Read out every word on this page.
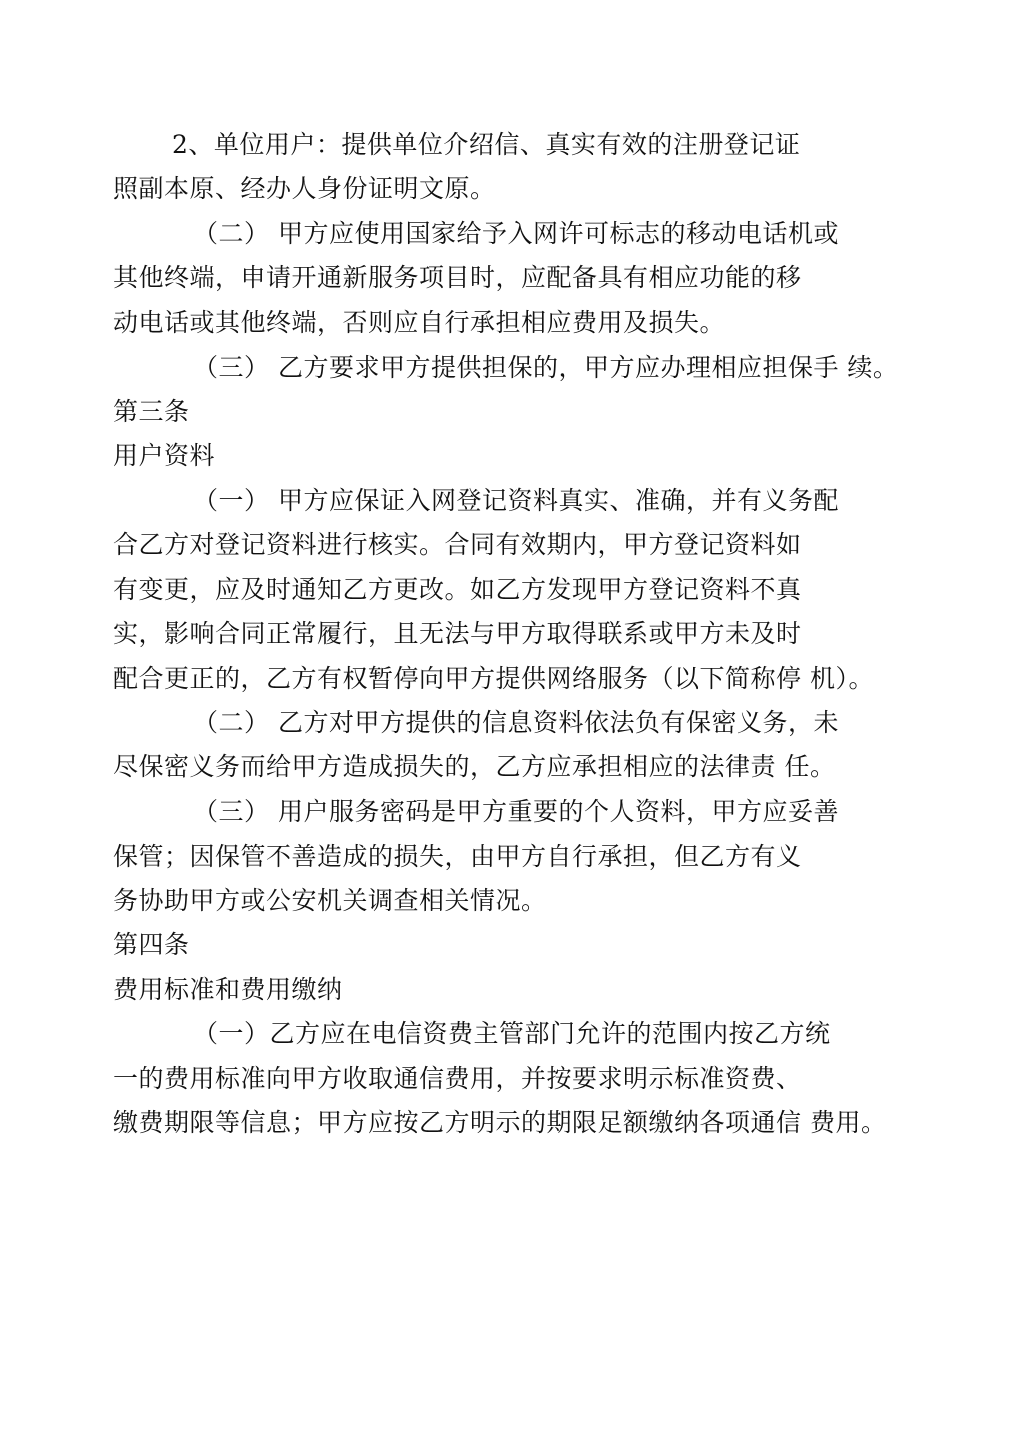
2、单位用户：提供单位介绍信、真实有效的注册登记证
照副本原、经办人身份证明文原。
（二） 甲方应使用国家给予入网许可标志的移动电话机或
其他终端，申请开通新服务项目时，应配备具有相应功能的移
动电话或其他终端，否则应自行承担相应费用及损失。
（三） 乙方要求甲方提供担保的，甲方应办理相应担保手 续。
第三条
用户资料
（一） 甲方应保证入网登记资料真实、准确，并有义务配
合乙方对登记资料进行核实。合同有效期内，甲方登记资料如
有变更，应及时通知乙方更改。如乙方发现甲方登记资料不真
实，影响合同正常履行，且无法与甲方取得联系或甲方未及时
配合更正的，乙方有权暂停向甲方提供网络服务（以下简称停 机）。
（二） 乙方对甲方提供的信息资料依法负有保密义务，未
尽保密义务而给甲方造成损失的，乙方应承担相应的法律责 任。
（三） 用户服务密码是甲方重要的个人资料，甲方应妥善
保管；因保管不善造成的损失，由甲方自行承担，但乙方有义
务协助甲方或公安机关调查相关情况。
第四条
费用标准和费用缴纳
（一）乙方应在电信资费主管部门允许的范围内按乙方统
一的费用标准向甲方收取通信费用，并按要求明示标准资费、
缴费期限等信息；甲方应按乙方明示的期限足额缴纳各项通信 费用。
